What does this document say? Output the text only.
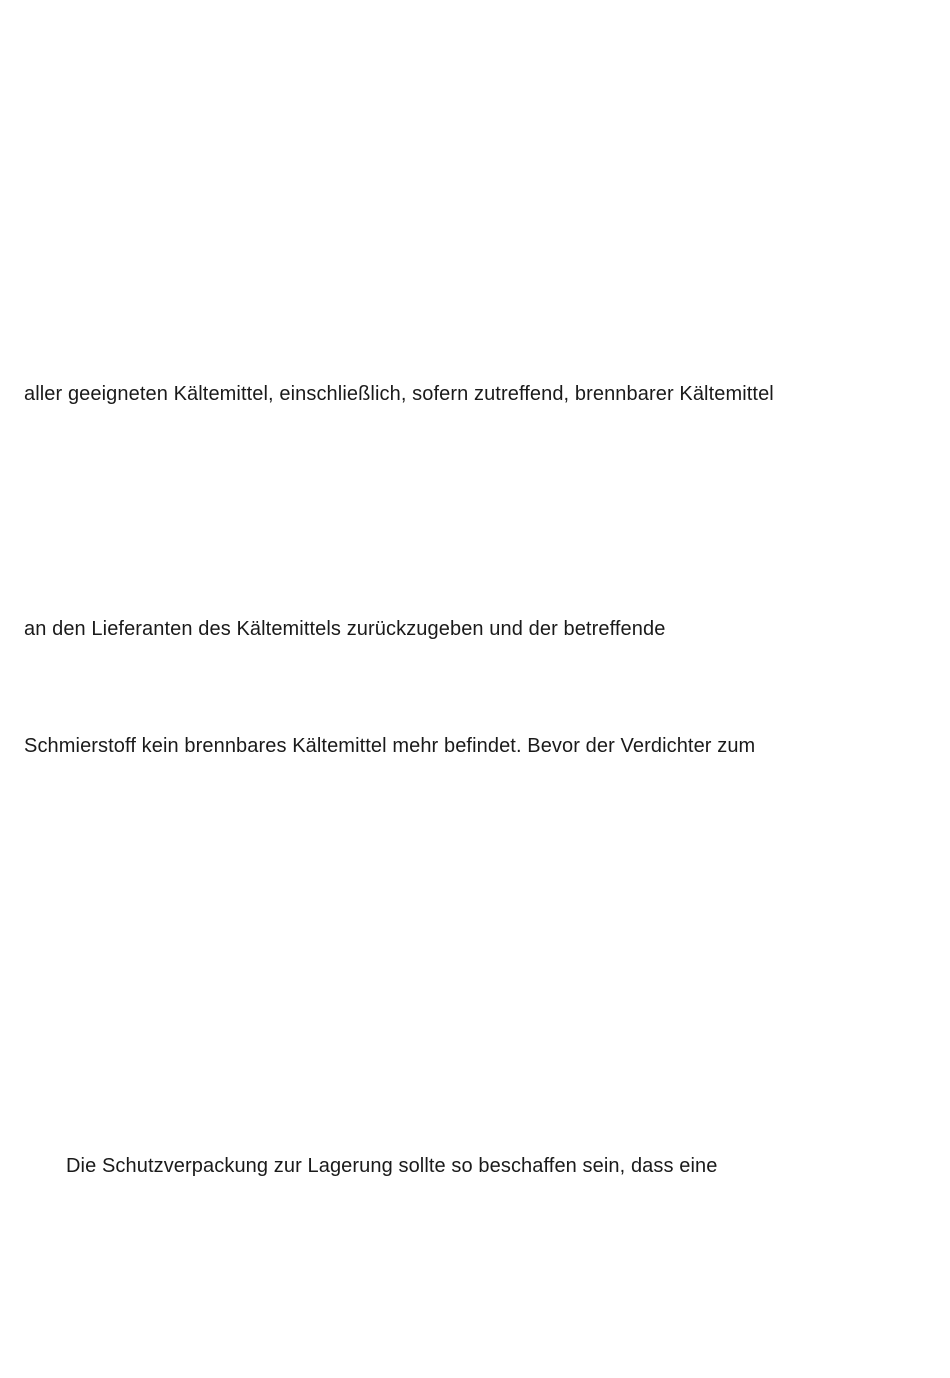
aller geeigneten Kältemittel, einschließlich, sofern zutreffend, brennbarer Kältemittel

an den Lieferanten des Kältemittels zurückzugeben und der betreffende

Schmierstoff kein brennbares Kältemittel mehr befindet. Bevor der Verdichter zum

Die Schutzverpackung zur Lagerung sollte so beschaffen sein, dass eine
